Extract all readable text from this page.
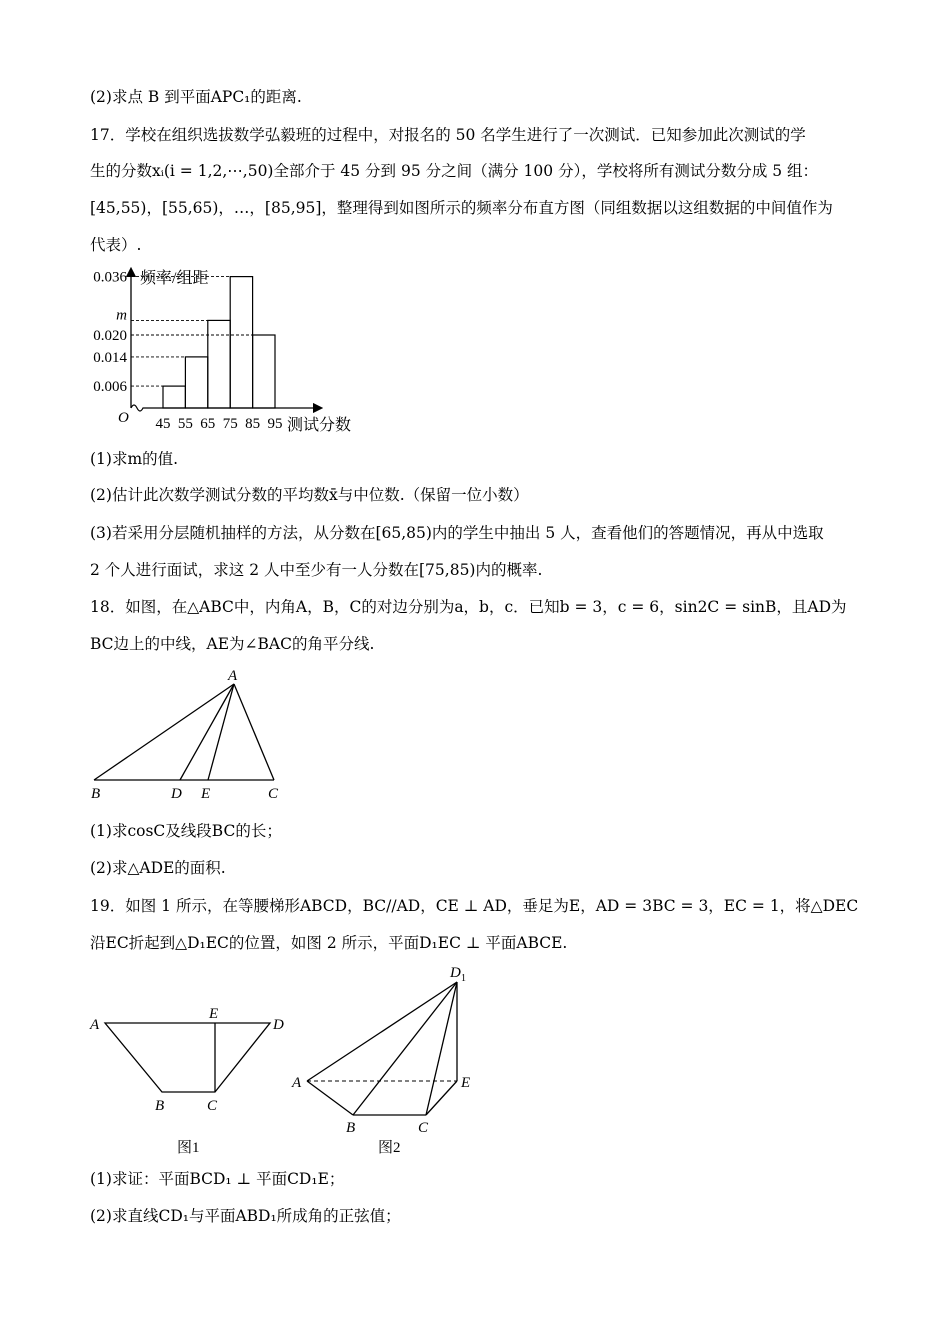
(2)求点 B 到平面APC₁的距离.
17．学校在组织选拔数学弘毅班的过程中，对报名的 50 名学生进行了一次测试．已知参加此次测试的学
生的分数xᵢ(i = 1,2,⋯,50)全部介于 45 分到 95 分之间（满分 100 分），学校将所有测试分数分成 5 组：
[45,55)，[55,65)，…，[85,95]，整理得到如图所示的频率分布直方图（同组数据以这组数据的中间值作为
代表）.
频率/组距
测试分数
O
0.036
m
0.020
0.014
0.006
45 55 65 75 85 95
(1)求m的值.
(2)估计此次数学测试分数的平均数x̄与中位数.（保留一位小数）
(3)若采用分层随机抽样的方法，从分数在[65,85)内的学生中抽出 5 人，查看他们的答题情况，再从中选取
2 个人进行面试，求这 2 人中至少有一人分数在[75,85)内的概率.
18．如图，在△ABC中，内角A，B，C的对边分别为a，b，c．已知b = 3，c = 6，sin2C = sinB，且AD为
BC边上的中线，AE为∠BAC的角平分线.
A
B	D E	C
(1)求cosC及线段BC的长；
(2)求△ADE的面积.
19．如图 1 所示，在等腰梯形ABCD，BC//AD，CE ⊥ AD，垂足为E，AD = 3BC = 3，EC = 1，将△DEC
沿EC折起到△D₁EC的位置，如图 2 所示，平面D₁EC ⊥ 平面ABCE.
A
E
D
B	C
图1
D 1
A	E
B	C
图2
(1)求证：平面BCD₁ ⊥ 平面CD₁E；
(2)求直线CD₁与平面ABD₁所成角的正弦值；
